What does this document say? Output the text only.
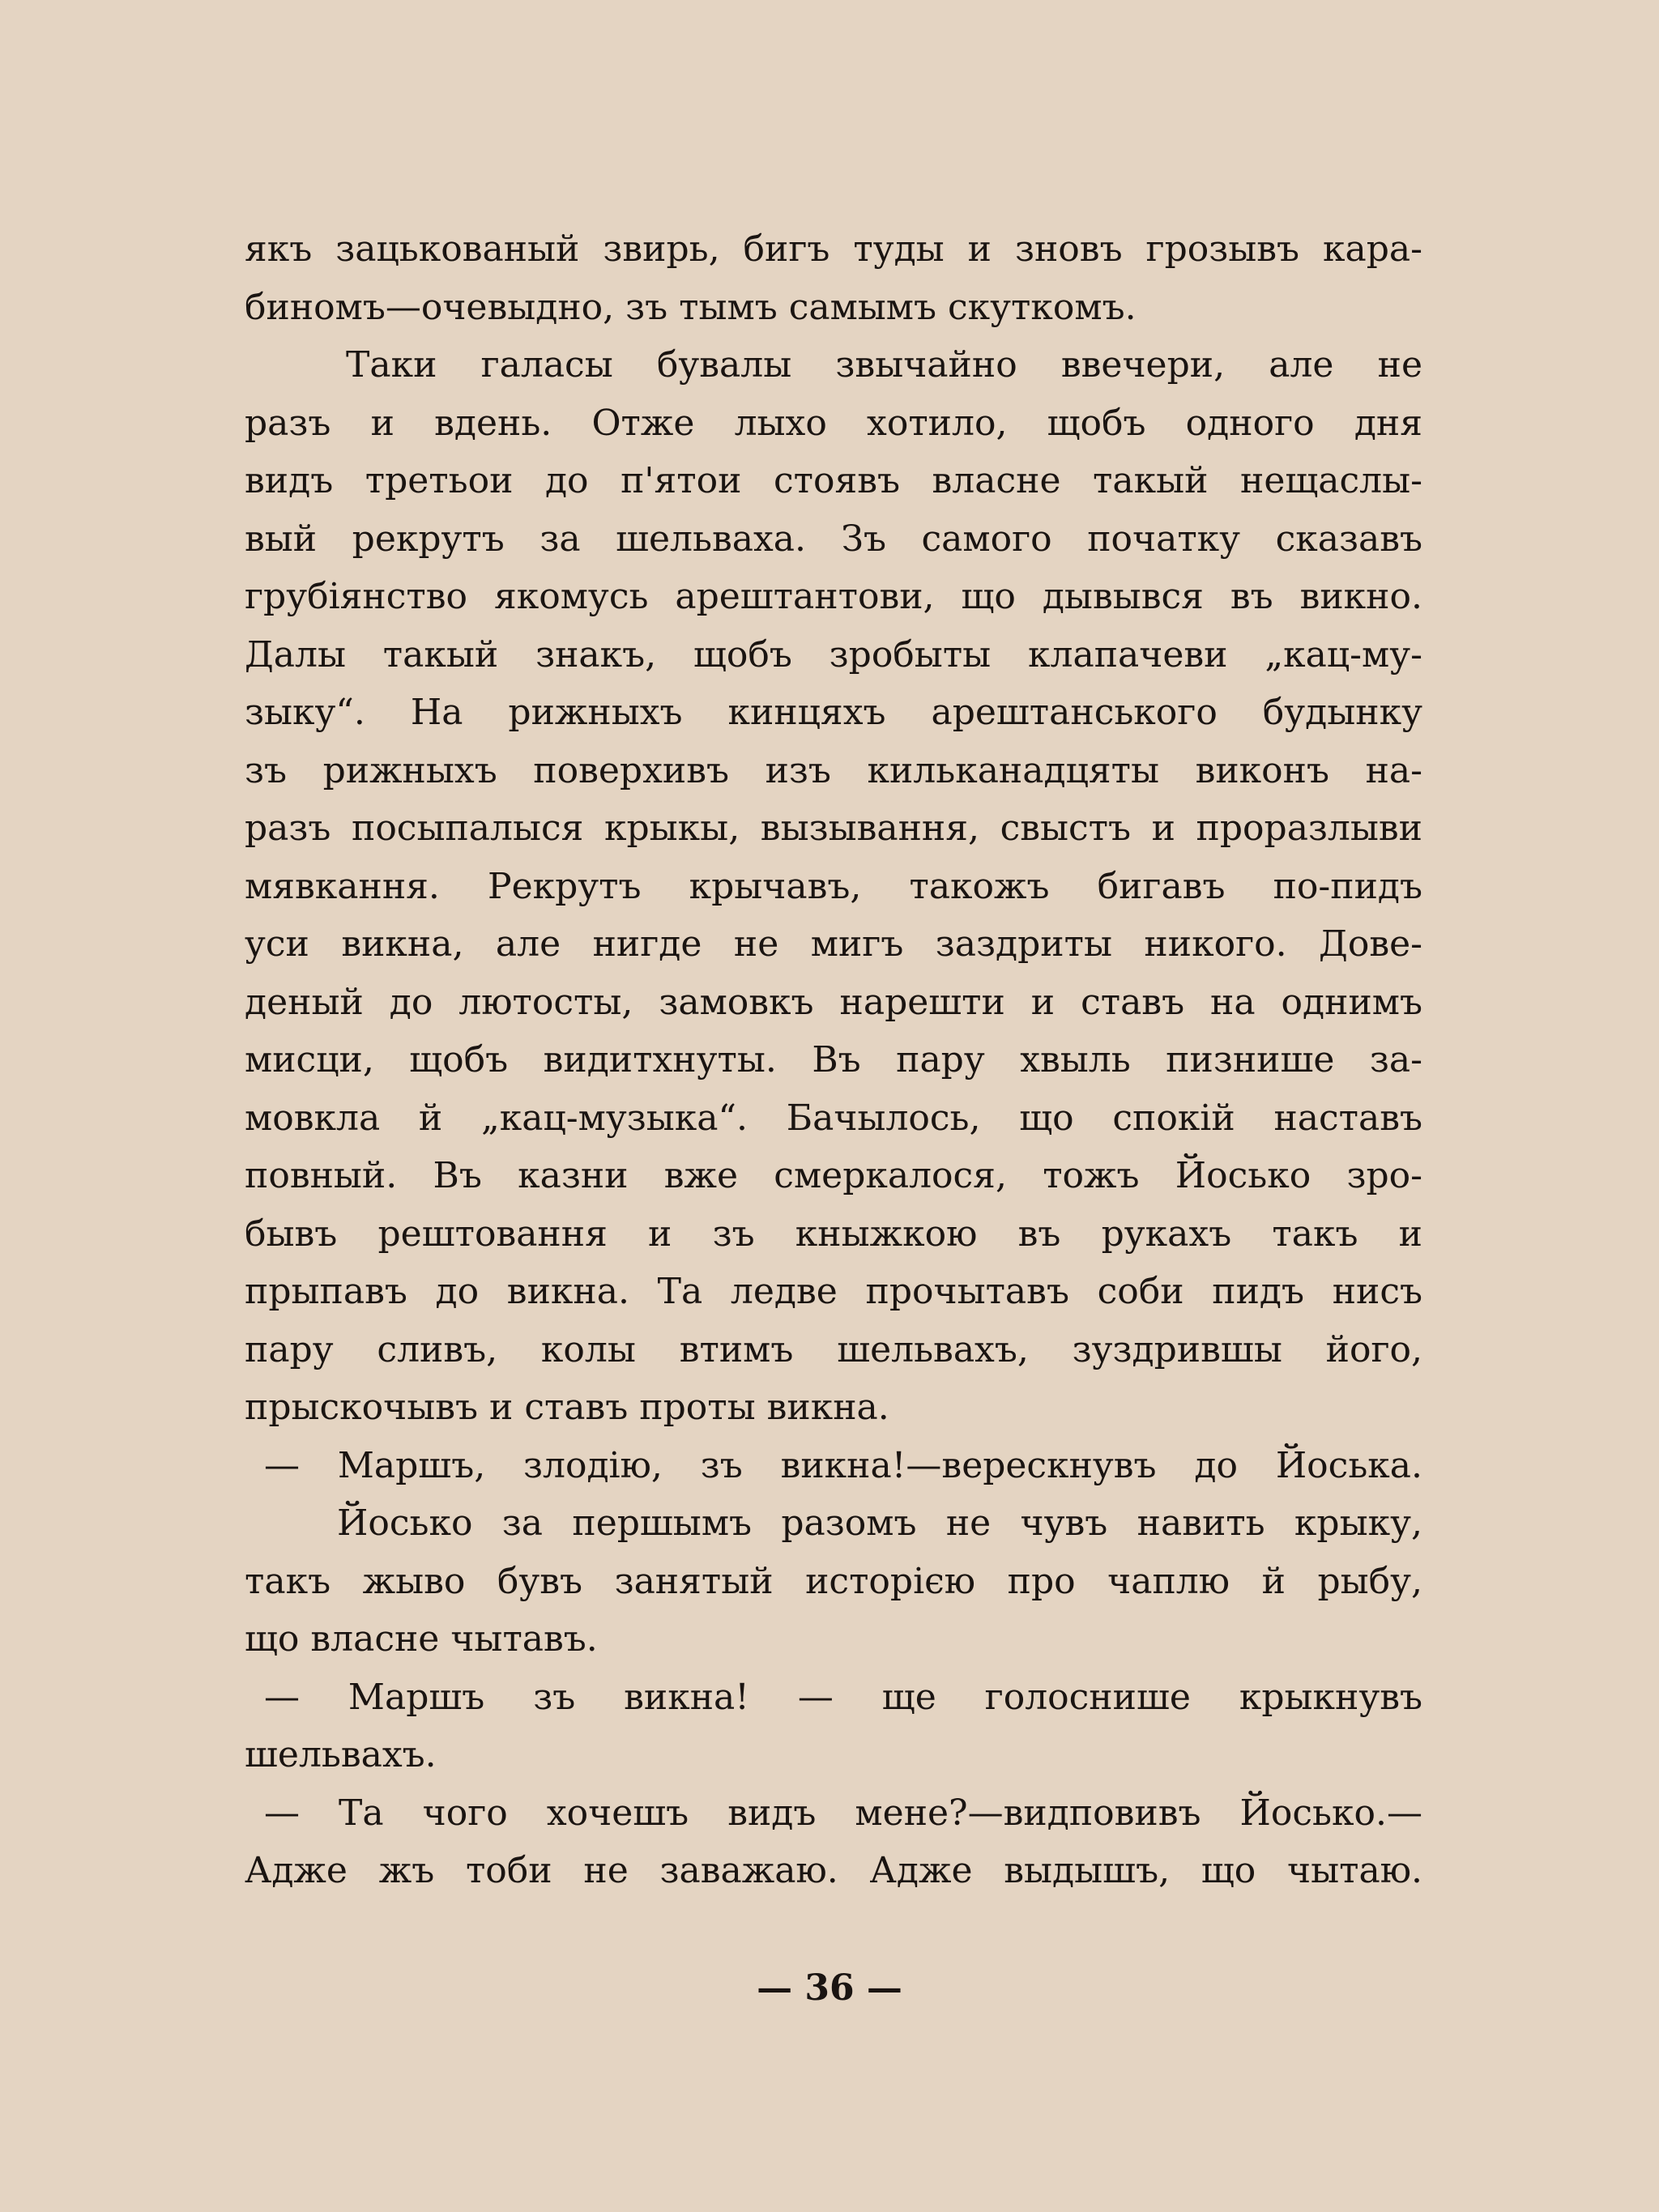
якъ зацькованый звирь, бигъ туды и зновъ грозывъ кара-
биномъ—очевыдно, зъ тымъ самымъ скуткомъ.
Таки галасы бувалы звычайно ввечери, але не
разъ и вдень. Отже лыхо хотило, щобъ одного дня
видъ третьои до п'ятои стоявъ власне такый нещаслы-
вый рекрутъ за шельваха. Зъ самого початку сказавъ
грубіянство якомусь арештантови, що дывывся въ викно.
Далы такый знакъ, щобъ зробыты клапачеви „кац-му-
зыку“. На рижныхъ кинцяхъ арештанського будынку
зъ рижныхъ поверхивъ изъ кильканадцяты виконъ на-
разъ посыпалыся крыкы, вызывання, свыстъ и проразлыви
мявкання. Рекрутъ крычавъ, такожъ бигавъ по-пидъ
уси викна, але нигде не мигъ заздриты никого. Дове-
деный до лютосты, замовкъ нарешти и ставъ на однимъ
мисци, щобъ видитхнуты. Въ пару хвыль пизнише за-
мовкла й „кац-музыка“. Бачылось, що спокій наставъ
повный. Въ казни вже смеркалося, тожъ Йосько зро-
бывъ рештовання и зъ кныжкою въ рукахъ такъ и
прыпавъ до викна. Та ледве прочытавъ соби пидъ нисъ
пару сливъ, колы втимъ шельвахъ, зуздрившы його,
прыскочывъ и ставъ проты викна.
— Маршъ, злодію, зъ викна!—верескнувъ до Йоська.
Йосько за першымъ разомъ не чувъ навить крыку,
такъ жыво бувъ занятый исторією про чаплю й рыбу,
що власне чытавъ.
— Маршъ зъ викна! — ще голоснише крыкнувъ
шельвахъ.
— Та чого хочешъ видъ мене?—видповивъ Йосько.—
Адже жъ тоби не заважаю. Адже выдышъ, що чытаю.
— 36 —
